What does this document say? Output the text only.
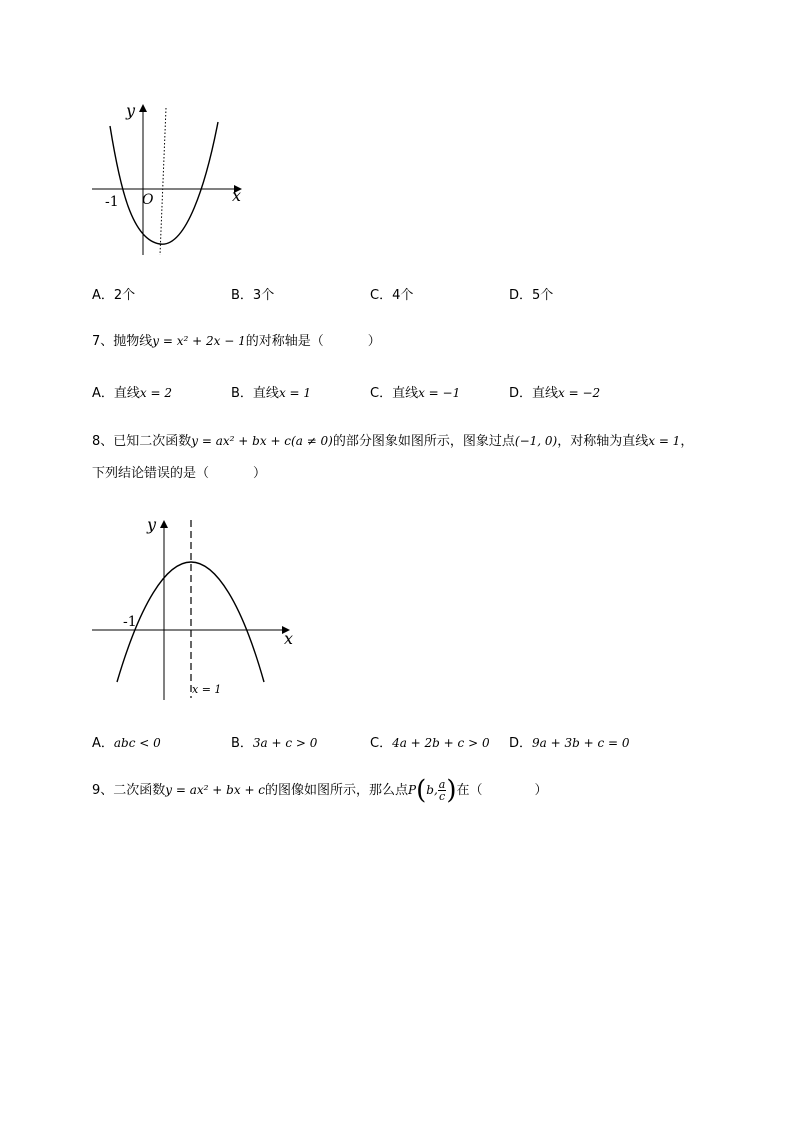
y
x
O
-1
A．2个	B．3个	C．4个	D．5个
7、抛物线y = x² + 2x − 1的对称轴是（	）
A．直线x = 2	B．直线x = 1	C．直线x = −1	D．直线x = −2
8、已知二次函数y = ax² + bx + c(a ≠ 0)的部分图象如图所示，图象过点(−1, 0)，对称轴为直线x = 1，
下列结论错误的是（	）
y
x
-1
x = 1
A．abc < 0	B．3a + c > 0	C．4a + 2b + c > 0 D．9a + 3b + c = 0
9、二次函数y = ax² + bx + c的图像如图所示，那么点P(b, $\frac{a}{c}$ )在（	）
